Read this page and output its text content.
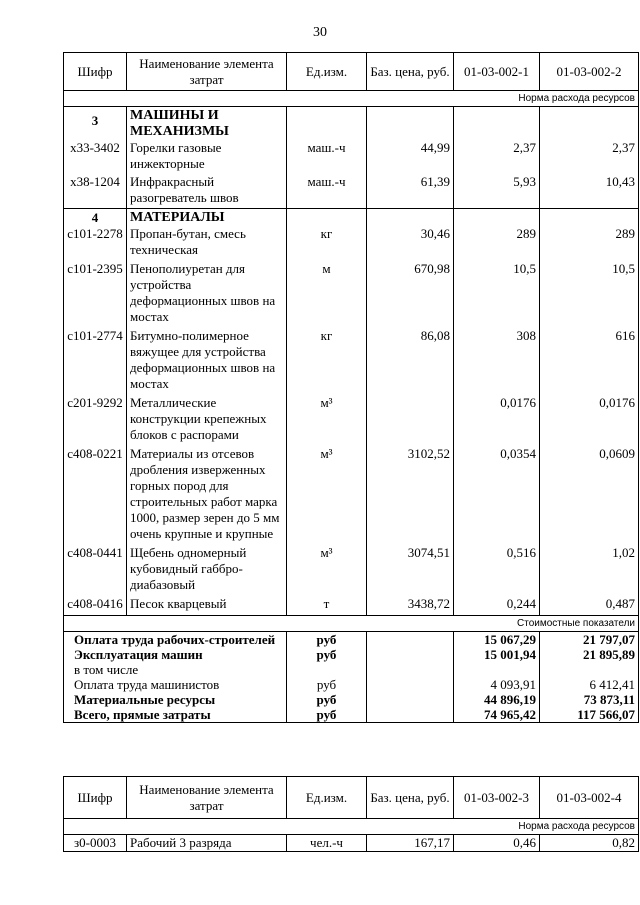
30
Шифр	Наименование элемента затрат	Ед.изм.	Баз. цена, руб.	01-03-002-1	01-03-002-2
Норма расхода ресурсов					
3	МАШИНЫ И МЕХАНИЗМЫ				
х33-3402	Горелки газовые инжекторные	маш.-ч	44,99	2,37	2,37
х38-1204	Инфракрасный разогреватель швов	маш.-ч	61,39	5,93	10,43
4	МАТЕРИАЛЫ				
с101-2278	Пропан-бутан, смесь техническая	кг	30,46	289	289
с101-2395	Пенополиуретан для устройства деформационных швов на мостах	м	670,98	10,5	10,5
с101-2774	Битумно-полимерное вяжущее для устройства деформационных швов на мостах	кг	86,08	308	616
с201-9292	Металлические конструкции крепежных блоков с распорами	м³		0,0176	0,0176
с408-0221	Материалы из отсевов дробления изверженных горных пород для строительных работ марка 1000, размер зерен до 5 мм очень крупные и крупные	м³	3102,52	0,0354	0,0609
с408-0441	Щебень одномерный кубовидный габбро-диабазовый	м³	3074,51	0,516	1,02
с408-0416	Песок кварцевый	т	3438,72	0,244	0,487
Стоимостные показатели					
Оплата труда рабочих-строителей		руб		15 067,29	21 797,07
Эксплуатация машин		руб		15 001,94	21 895,89
в том числе					
Оплата труда машинистов		руб		4 093,91	6 412,41
Материальные ресурсы		руб		44 896,19	73 873,11
Всего, прямые затраты		руб		74 965,42	117 566,07
Шифр	Наименование элемента затрат	Ед.изм.	Баз. цена, руб.	01-03-002-3	01-03-002-4
Норма расхода ресурсов					
з0-0003	Рабочий 3 разряда	чел.-ч	167,17	0,46	0,82
